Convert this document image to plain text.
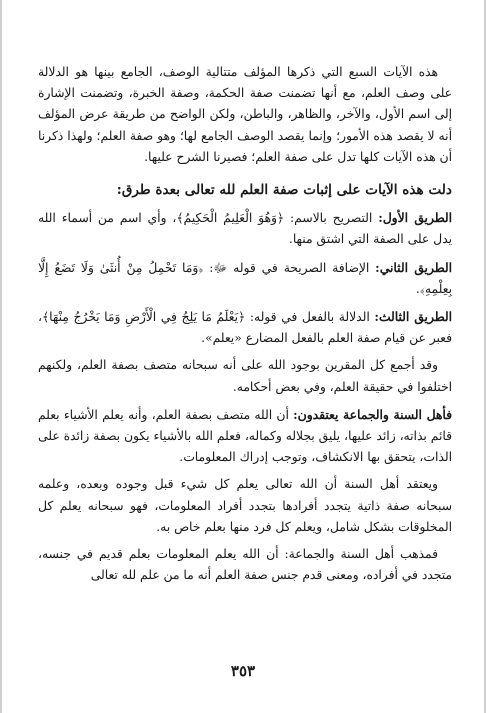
هذه الآيات السبع التي ذكرها المؤلف متتالية الوصف، الجامع بينها هو الدلالة على وصف العلم، مع أنها تضمنت صفة الحكمة، وصفة الخبرة، وتضمنت الإشارة إلى اسم الأول، والآخر، والظاهر، والباطن، ولكن الواضح من طريقة عرض المؤلف أنه لا يقصد هذه الأمور؛ وإنما يقصد الوصف الجامع لها؛ وهو صفة العلم؛ ولهذا ذكرنا أن هذه الآيات كلها تدل على صفة العلم؛ فصيرنا الشرح عليها.

دلت هذه الآيات على إثبات صفة العلم لله تعالى بعدة طرق:

الطريق الأول: التصريح بالاسم: ﴿وَهُوَ الْعَلِيمُ الْحَكِيمُ﴾، وأي اسم من أسماء الله يدل على الصفة التي اشتق منها.

الطريق الثاني: الإضافة الصريحة في قوله ﷻ: ﴿وَمَا تَحْمِلُ مِنْ أُنثَىٰ وَلَا تَضَعُ إِلَّا بِعِلْمِهِ﴾.

الطريق الثالث: الدلالة بالفعل في قوله: ﴿يَعْلَمُ مَا يَلِجُ فِي الْأَرْضِ وَمَا يَخْرُجُ مِنْهَا﴾، فعبر عن قيام صفة العلم بالفعل المضارع «يعلم».

وقد أجمع كل المقرين بوجود الله على أنه سبحانه متصف بصفة العلم، ولكنهم اختلفوا في حقيقة العلم، وفي بعض أحكامه.

فأهل السنة والجماعة يعتقدون: أن الله متصف بصفة العلم، وأنه يعلم الأشياء بعلم قائم بذاته، زائد عليها، يليق بجلاله وكماله، فعلم الله بالأشياء يكون بصفة زائدة على الذات، يتحقق بها الانكشاف، وتوجب إدراك المعلومات.

ويعتقد أهل السنة أن الله تعالى يعلم كل شيء قبل وجوده وبعده، وعلمه سبحانه صفة ذاتية يتجدد أفرادها بتجدد أفراد المعلومات، فهو سبحانه يعلم كل المخلوقات بشكل شامل، ويعلم كل فرد منها بعلم خاص به.

فمذهب أهل السنة والجماعة: أن الله يعلم المعلومات بعلم قديم في جنسه، متجدد في أفراده، ومعنى قدم جنس صفة العلم أنه ما من علم لله تعالى

٣٥٣
